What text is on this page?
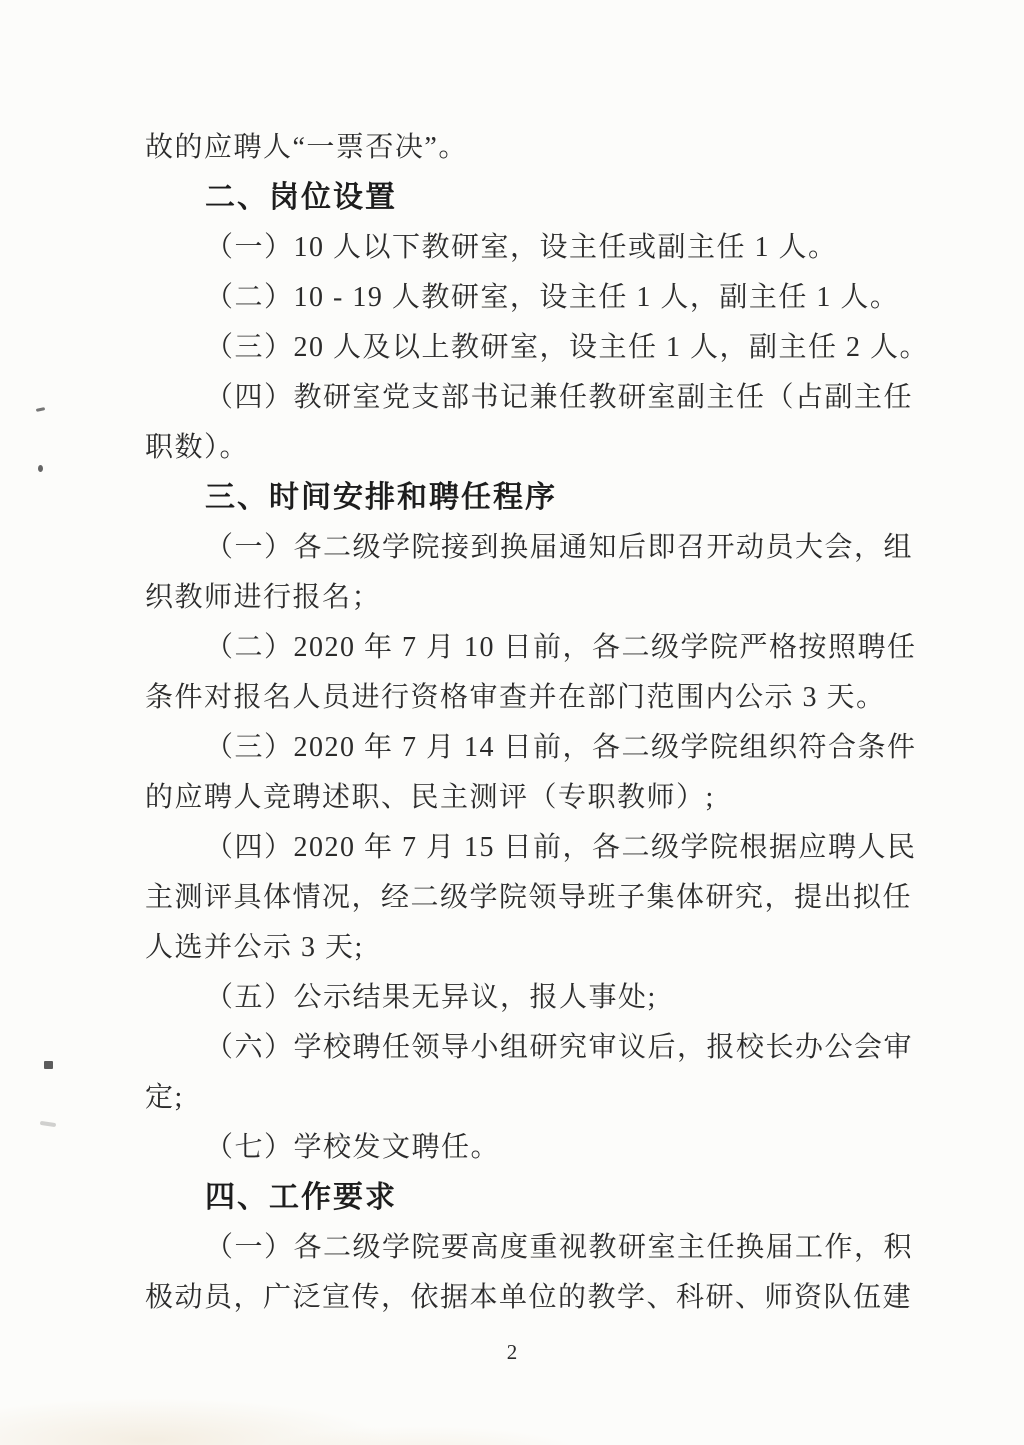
故的应聘人“一票否决”。
二、岗位设置
（一）10 人以下教研室，设主任或副主任 1 人。
（二）10 - 19 人教研室，设主任 1 人，副主任 1 人。
（三）20 人及以上教研室，设主任 1 人，副主任 2 人。
（四）教研室党支部书记兼任教研室副主任（占副主任
职数）。
三、时间安排和聘任程序
（一）各二级学院接到换届通知后即召开动员大会，组
织教师进行报名；
（二）2020 年 7 月 10 日前，各二级学院严格按照聘任
条件对报名人员进行资格审查并在部门范围内公示 3 天。
（三）2020 年 7 月 14 日前，各二级学院组织符合条件
的应聘人竞聘述职、民主测评（专职教师）;
（四）2020 年 7 月 15 日前，各二级学院根据应聘人民
主测评具体情况，经二级学院领导班子集体研究，提出拟任
人选并公示 3 天;
（五）公示结果无异议，报人事处;
（六）学校聘任领导小组研究审议后，报校长办公会审
定;
（七）学校发文聘任。
四、工作要求
（一）各二级学院要高度重视教研室主任换届工作，积
极动员，广泛宣传，依据本单位的教学、科研、师资队伍建
2
